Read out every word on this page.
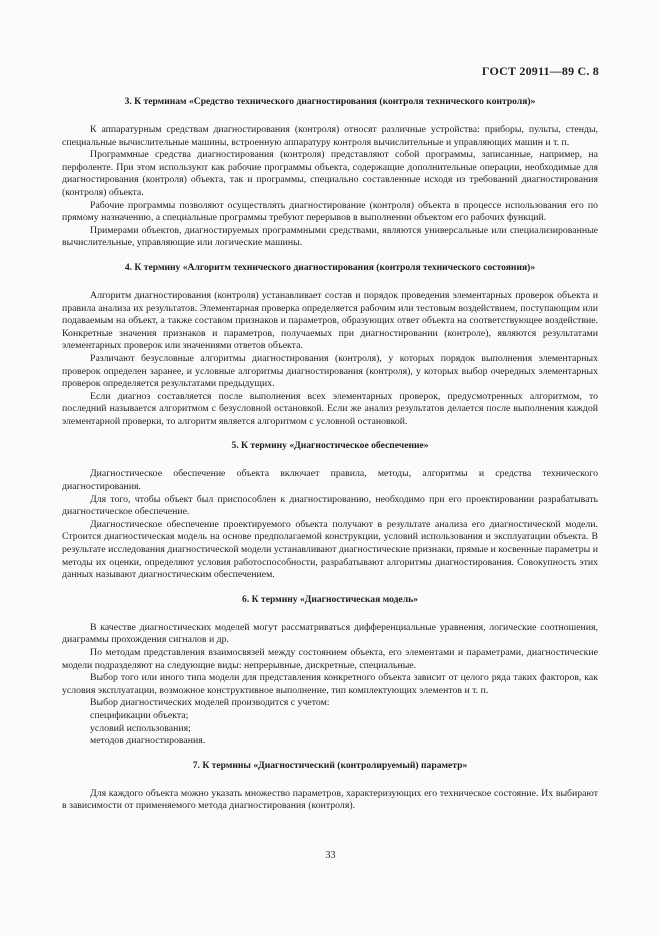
ГОСТ 20911—89 С. 8
3. К терминам «Средство технического диагностирования (контроля технического контроля)»

К аппаратурным средствам диагностирования (контроля) относят различные устройства: приборы, пульты, стенды, специальные вычислительные машины, встроенную аппаратуру контроля вычислительные и управляющих машин и т. п.

Программные средства диагностирования (контроля) представляют собой программы, записанные, например, на перфоленте. При этом используют как рабочие программы объекта, содержащие дополнительные операции, необходимые для диагностирования (контроля) объекта, так и программы, специально составленные исходя из требований диагностирования (контроля) объекта.

Рабочие программы позволяют осуществлять диагностирование (контроля) объекта в процессе использования его по прямому назначению, а специальные программы требуют перерывов в выполнении объектом его рабочих функций.

Примерами объектов, диагностируемых программными средствами, являются универсальные или специализированные вычислительные, управляющие или логические машины.

4. К термину «Алгоритм технического диагностирования (контроля технического состояния)»

Алгоритм диагностирования (контроля) устанавливает состав и порядок проведения элементарных проверок объекта и правила анализа их результатов. Элементарная проверка определяется рабочим или тестовым воздействием, поступающим или подаваемым на объект, а также составом признаков и параметров, образующих ответ объекта на соответствующее воздействие. Конкретные значения признаков и параметров, получаемых при диагностировании (контроле), являются результатами элементарных проверок или значениями ответов объекта.

Различают безусловные алгоритмы диагностирования (контроля), у которых порядок выполнения элементарных проверок определен заранее, и условные алгоритмы диагностирования (контроля), у которых выбор очередных элементарных проверок определяется результатами предыдущих.

Если диагноз составляется после выполнения всех элементарных проверок, предусмотренных алгоритмом, то последний называется алгоритмом с безусловной остановкой. Если же анализ результатов делается после выполнения каждой элементарной проверки, то алгоритм является алгоритмом с условной остановкой.

5. К термину «Диагностическое обеспечение»

Диагностическое обеспечение объекта включает правила, методы, алгоритмы и средства технического диагностирования.

Для того, чтобы объект был приспособлен к диагностированию, необходимо при его проектировании разрабатывать диагностическое обеспечение.

Диагностическое обеспечение проектируемого объекта получают в результате анализа его диагностической модели. Строится диагностическая модель на основе предполагаемой конструкции, условий использования и эксплуатации объекта. В результате исследования диагностической модели устанавливают диагностические признаки, прямые и косвенные параметры и методы их оценки, определяют условия работоспособности, разрабатывают алгоритмы диагностирования. Совокупность этих данных называют диагностическим обеспечением.

6. К термину «Диагностическая модель»

В качестве диагностических моделей могут рассматриваться дифференциальные уравнения, логические соотношения, диаграммы прохождения сигналов и др.

По методам представления взаимосвязей между состоянием объекта, его элементами и параметрами, диагностические модели подразделяют на следующие виды: непрерывные, дискретные, специальные.

Выбор того или иного типа модели для представления конкретного объекта зависит от целого ряда таких факторов, как условия эксплуатации, возможное конструктивное выполнение, тип комплектующих элементов и т. п.

Выбор диагностических моделей производится с учетом:

спецификации объекта;

условий использования;

методов диагностирования.

7. К термины «Диагностический (контролируемый) параметр»

Для каждого объекта можно указать множество параметров, характеризующих его техническое состояние. Их выбирают в зависимости от применяемого метода диагностирования (контроля).

33
